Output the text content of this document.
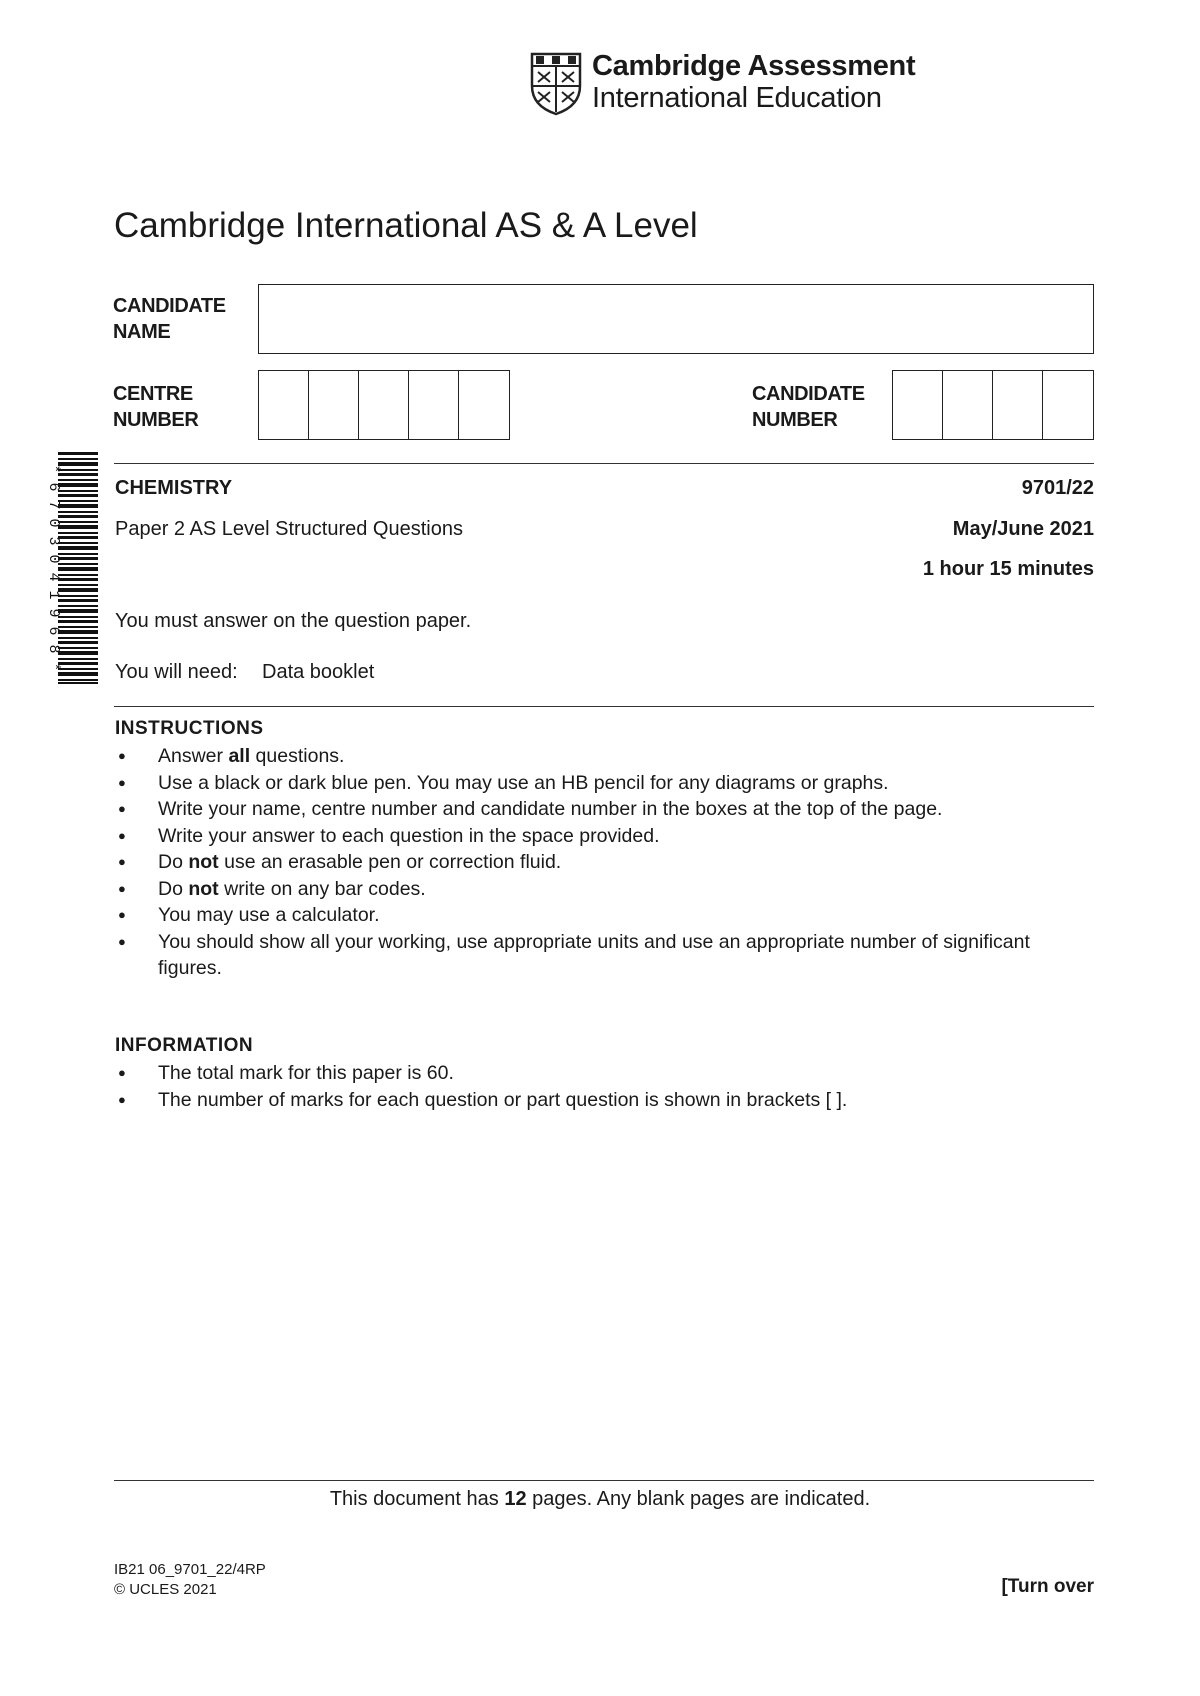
Cambridge Assessment
International Education
Cambridge International AS & A Level
CANDIDATE
NAME
CENTRE
NUMBER
CANDIDATE
NUMBER
* 6 7 0 3 0 4 1 9 6 8 *	CHEMISTRY	9701/22
Paper 2 AS Level Structured Questions	May/June 2021
1 hour 15 minutes
You must answer on the question paper.
You will need: Data booklet
INSTRUCTIONS
● Answer all questions.
● Use a black or dark blue pen. You may use an HB pencil for any diagrams or graphs.
● Write your name, centre number and candidate number in the boxes at the top of the page.
● Write your answer to each question in the space provided.
● Do not use an erasable pen or correction fluid.
● Do not write on any bar codes.
● You may use a calculator.
● You should show all your working, use appropriate units and use an appropriate number of significant figures.
INFORMATION
● The total mark for this paper is 60.
● The number of marks for each question or part question is shown in brackets [ ].
This document has 12 pages. Any blank pages are indicated.
IB21 06_9701_22/4RP
© UCLES 2021	[Turn over
